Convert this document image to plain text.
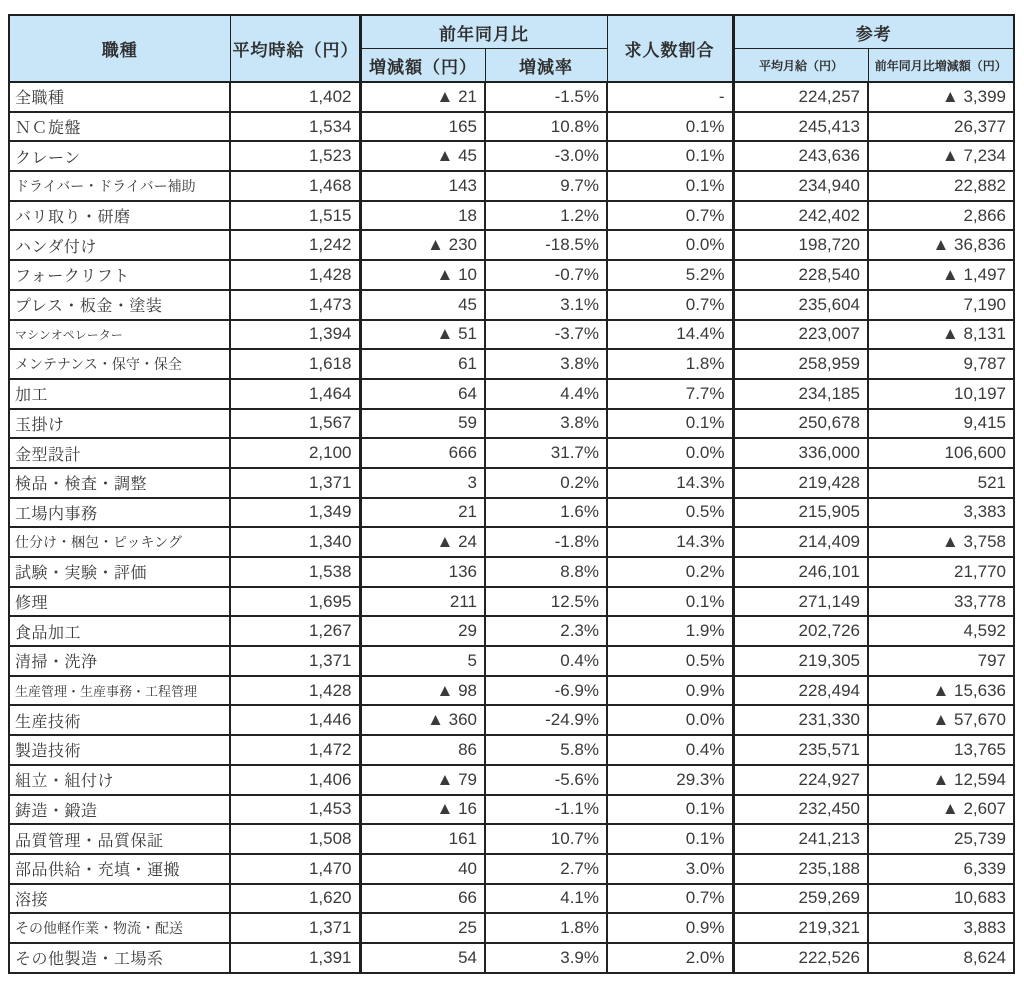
職種	平均時給（円）	前年同月比		求人数割合	参考	
		増減額（円）	増減率		平均月給（円）	前年同月比増減額（円）
全職種	1,402	▲ 21	-1.5%	-	224,257	▲ 3,399
ＮＣ旋盤	1,534	165	10.8%	0.1%	245,413	26,377
クレーン	1,523	▲ 45	-3.0%	0.1%	243,636	▲ 7,234
ドライバー・ドライバー補助	1,468	143	9.7%	0.1%	234,940	22,882
バリ取り・研磨	1,515	18	1.2%	0.7%	242,402	2,866
ハンダ付け	1,242	▲ 230	-18.5%	0.0%	198,720	▲ 36,836
フォークリフト	1,428	▲ 10	-0.7%	5.2%	228,540	▲ 1,497
プレス・板金・塗装	1,473	45	3.1%	0.7%	235,604	7,190
マシンオペレーター	1,394	▲ 51	-3.7%	14.4%	223,007	▲ 8,131
メンテナンス・保守・保全	1,618	61	3.8%	1.8%	258,959	9,787
加工	1,464	64	4.4%	7.7%	234,185	10,197
玉掛け	1,567	59	3.8%	0.1%	250,678	9,415
金型設計	2,100	666	31.7%	0.0%	336,000	106,600
検品・検査・調整	1,371	3	0.2%	14.3%	219,428	521
工場内事務	1,349	21	1.6%	0.5%	215,905	3,383
仕分け・梱包・ピッキング	1,340	▲ 24	-1.8%	14.3%	214,409	▲ 3,758
試験・実験・評価	1,538	136	8.8%	0.2%	246,101	21,770
修理	1,695	211	12.5%	0.1%	271,149	33,778
食品加工	1,267	29	2.3%	1.9%	202,726	4,592
清掃・洗浄	1,371	5	0.4%	0.5%	219,305	797
生産管理・生産事務・工程管理	1,428	▲ 98	-6.9%	0.9%	228,494	▲ 15,636
生産技術	1,446	▲ 360	-24.9%	0.0%	231,330	▲ 57,670
製造技術	1,472	86	5.8%	0.4%	235,571	13,765
組立・組付け	1,406	▲ 79	-5.6%	29.3%	224,927	▲ 12,594
鋳造・鍛造	1,453	▲ 16	-1.1%	0.1%	232,450	▲ 2,607
品質管理・品質保証	1,508	161	10.7%	0.1%	241,213	25,739
部品供給・充填・運搬	1,470	40	2.7%	3.0%	235,188	6,339
溶接	1,620	66	4.1%	0.7%	259,269	10,683
その他軽作業・物流・配送	1,371	25	1.8%	0.9%	219,321	3,883
その他製造・工場系	1,391	54	3.9%	2.0%	222,526	8,624
